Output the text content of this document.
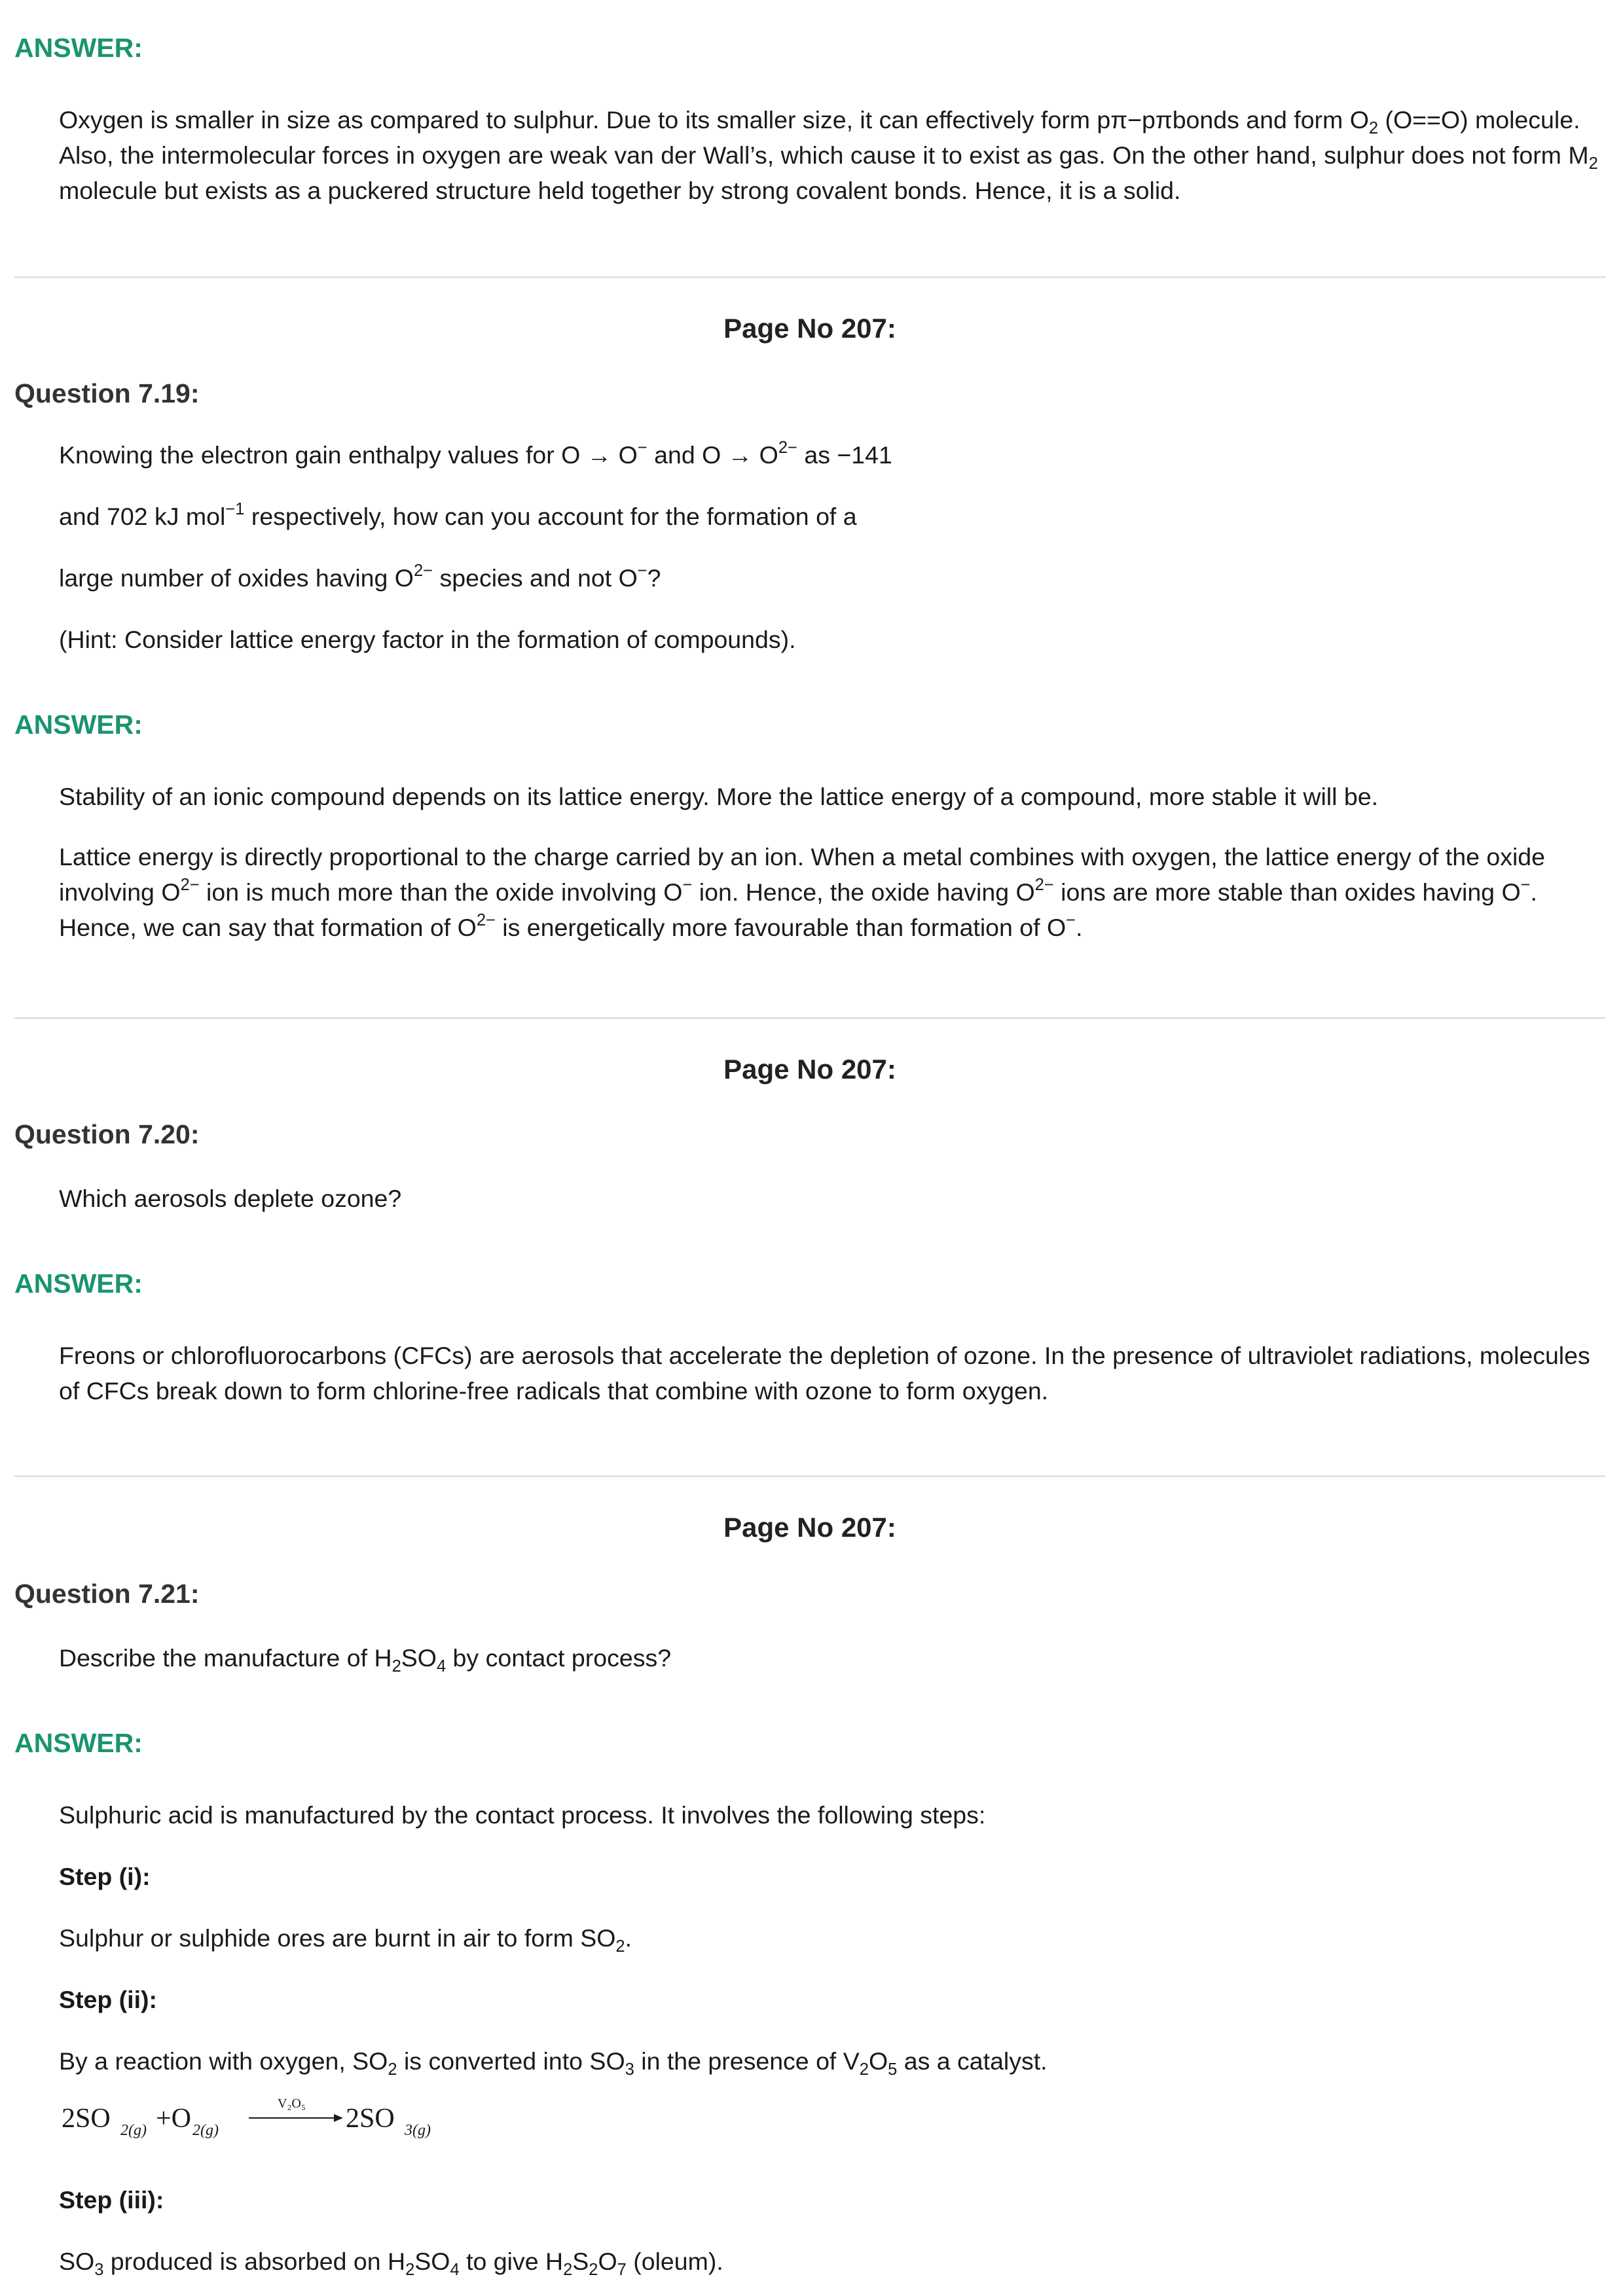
ANSWER:
Oxygen is smaller in size as compared to sulphur. Due to its smaller size, it can effectively form pπ−pπbonds and form $O_2$ (O==O) molecule. Also, the intermolecular forces in oxygen are weak van der Wall’s, which cause it to exist as gas. On the other hand, sulphur does not form $M_2$ molecule but exists as a puckered structure held together by strong covalent bonds. Hence, it is a solid.
Page No 207:
Question 7.19:
Knowing the electron gain enthalpy values for O → O− and $O \to O^{2-}$ as −141
and 702 kJ mol$^{-1}$ respectively, how can you account for the formation of a
large number of oxides having $O^{2-}$ species and not O−?
(Hint: Consider lattice energy factor in the formation of compounds).
ANSWER:
Stability of an ionic compound depends on its lattice energy. More the lattice energy of a compound, more stable it will be.
Lattice energy is directly proportional to the charge carried by an ion. When a metal combines with oxygen, the lattice energy of the oxide involving $O^{2-}$ ion is much more than the oxide involving O− ion. Hence, the oxide having $O^{2-}$ ions are more stable than oxides having O−. Hence, we can say that formation of $O^{2-}$ is energetically more favourable than formation of O−.
Page No 207:
Question 7.20:
Which aerosols deplete ozone?
ANSWER:
Freons or chlorofluorocarbons (CFCs) are aerosols that accelerate the depletion of ozone. In the presence of ultraviolet radiations, molecules of CFCs break down to form chlorine-free radicals that combine with ozone to form oxygen.
Page No 207:
Question 7.21:
Describe the manufacture of $H_2SO_4$ by contact process?
ANSWER:
Sulphuric acid is manufactured by the contact process. It involves the following steps:
Step (i):
Sulphur or sulphide ores are burnt in air to form $SO_2$.
Step (ii):
By a reaction with oxygen, $SO_2$ is converted into $SO_3$ in the presence of $V_2O_5$ as a catalyst.
2SO 2(g) +O 2(g)
V₂O₅ 2SO 3(g)
Step (iii):
$SO_3$ produced is absorbed on $H_2SO_4$ to give $H_2S_2O_7$ (oleum).
